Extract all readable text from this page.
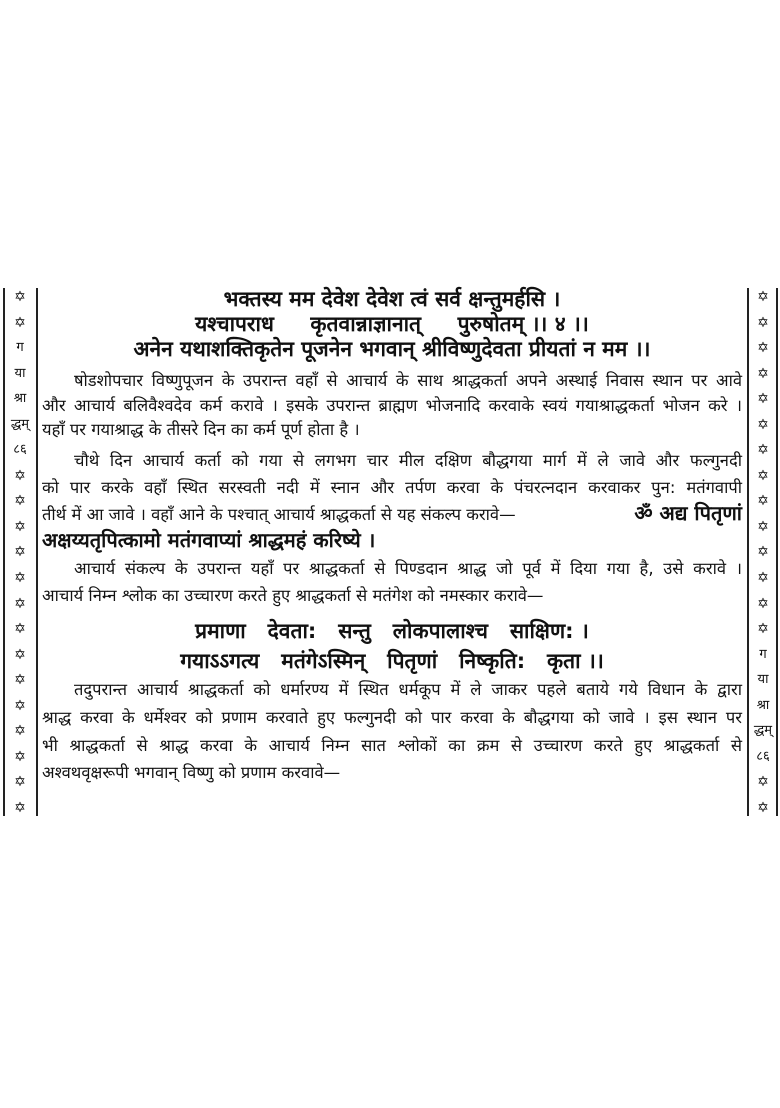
✡
✡
ग
या
श्रा
द्धम्
८६
✡
✡
✡
✡
✡
✡
✡
✡
✡
✡
✡
✡
✡
✡
✡
✡
✡
✡
✡
✡
✡
✡
✡
✡
✡
✡
✡
✡
ग
या
श्रा
द्धम्
८६
✡
✡
भक्तस्य मम देवेश देवेश त्वं सर्व क्षन्तुमर्हसि ।
यश्चापराध     कृतवान्नाज्ञानात्     पुरुषोतम् ।। ४ ।।
अनेन यथाशक्तिकृतेन पूजनेन भगवान् श्रीविष्णुदेवता प्रीयतां न मम ।।
षोडशोपचार विष्णुपूजन के उपरान्त वहाँ से आचार्य के साथ श्राद्धकर्ता अपने अस्थाई निवास स्थान पर आवे
और आचार्य बलिवैश्वदेव कर्म करावे । इसके उपरान्त ब्राह्मण भोजनादि करवाके स्वयं गयाश्राद्धकर्ता भोजन करे ।
यहाँ पर गयाश्राद्ध के तीसरे दिन का कर्म पूर्ण होता है ।
चौथे दिन आचार्य कर्ता को गया से लगभग चार मील दक्षिण बौद्धगया मार्ग में ले जावे और फल्गुनदी
को पार करके वहाँ स्थित सरस्वती नदी में स्नान और तर्पण करवा के पंचरत्नदान करवाकर पुन: मतंगवापी
तीर्थ में आ जावे । वहाँ आने के पश्चात् आचार्य श्राद्धकर्ता से यह संकल्प करावे—	ॐ अद्य पितृणां
अक्षय्यतृपित्कामो मतंगवाप्यां श्राद्धमहं करिष्ये ।
आचार्य संकल्प के उपरान्त यहाँ पर श्राद्धकर्ता से पिण्डदान श्राद्ध जो पूर्व में दिया गया है, उसे करावे ।
आचार्य निम्न श्लोक का उच्चारण करते हुए श्राद्धकर्ता से मतंगेश को नमस्कार करावे—
प्रमाणा   देवता:   सन्तु   लोकपालाश्च   साक्षिण: ।
गयाऽऽगत्य   मतंगेऽस्मिन्   पितृणां   निष्कृति:   कृता ।।
तदुपरान्त आचार्य श्राद्धकर्ता को धर्मारण्य में स्थित धर्मकूप में ले जाकर पहले बताये गये विधान के द्वारा
श्राद्ध करवा के धर्मेश्वर को प्रणाम करवाते हुए फल्गुनदी को पार करवा के बौद्धगया को जावे । इस स्थान पर
भी श्राद्धकर्ता से श्राद्ध करवा के आचार्य निम्न सात श्लोकों का क्रम से उच्चारण करते हुए श्राद्धकर्ता से
अश्वथवृक्षरूपी भगवान् विष्णु को प्रणाम करवावे—
